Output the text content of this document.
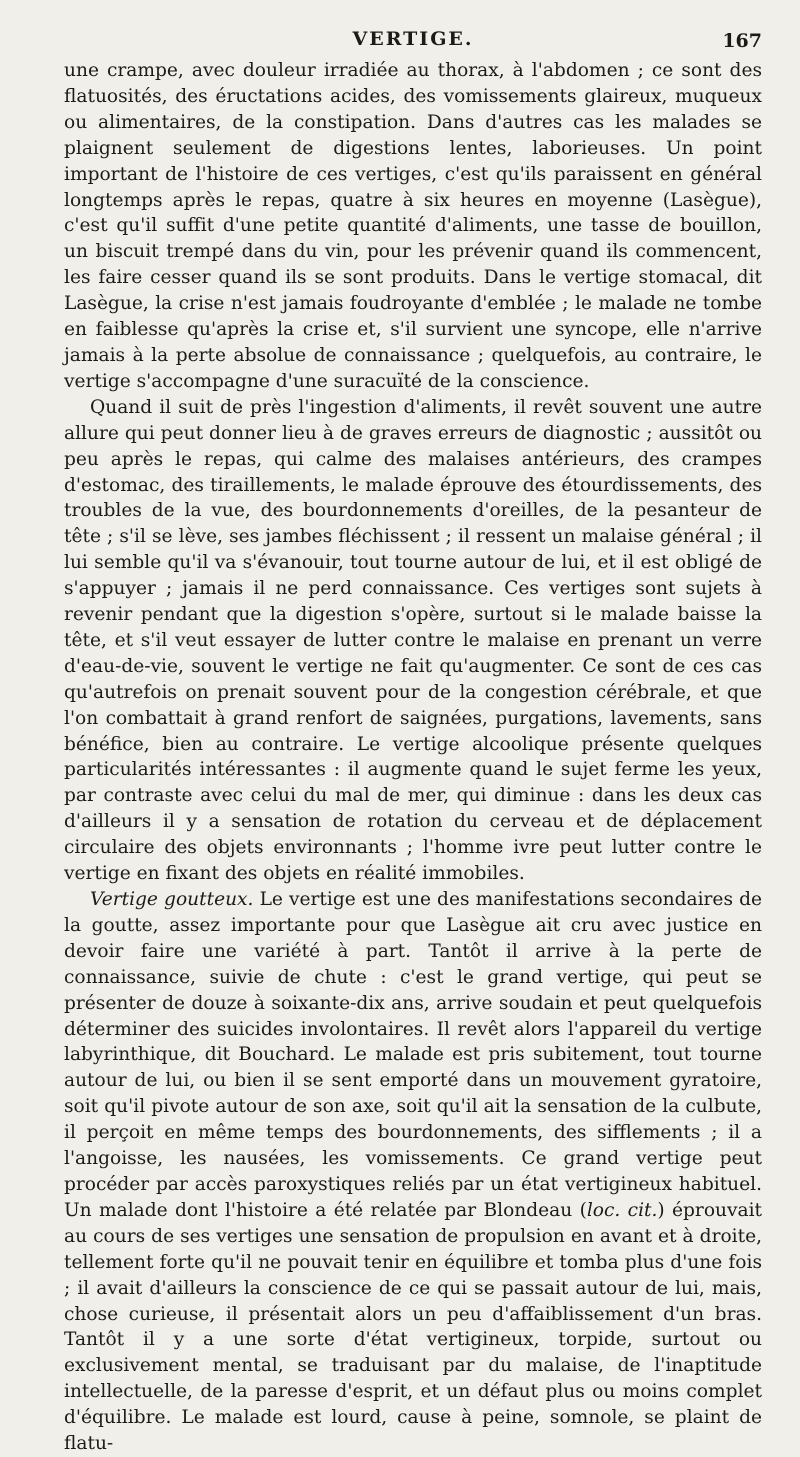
VERTIGE.	167

une crampe, avec douleur irradiée au thorax, à l'abdomen ; ce sont des flatuosités, des éructations acides, des vomissements glaireux, muqueux ou alimentaires, de la constipation. Dans d'autres cas les malades se plaignent seulement de digestions lentes, laborieuses. Un point important de l'histoire de ces vertiges, c'est qu'ils paraissent en général longtemps après le repas, quatre à six heures en moyenne (Lasègue), c'est qu'il suffit d'une petite quantité d'aliments, une tasse de bouillon, un biscuit trempé dans du vin, pour les prévenir quand ils commencent, les faire cesser quand ils se sont produits. Dans le vertige stomacal, dit Lasègue, la crise n'est jamais foudroyante d'emblée ; le malade ne tombe en faiblesse qu'après la crise et, s'il survient une syncope, elle n'arrive jamais à la perte absolue de connaissance ; quelquefois, au contraire, le vertige s'accompagne d'une suracuïté de la conscience.

Quand il suit de près l'ingestion d'aliments, il revêt souvent une autre allure qui peut donner lieu à de graves erreurs de diagnostic ; aussitôt ou peu après le repas, qui calme des malaises antérieurs, des crampes d'estomac, des tiraillements, le malade éprouve des étourdissements, des troubles de la vue, des bourdonnements d'oreilles, de la pesanteur de tête ; s'il se lève, ses jambes fléchissent ; il ressent un malaise général ; il lui semble qu'il va s'évanouir, tout tourne autour de lui, et il est obligé de s'appuyer ; jamais il ne perd connaissance. Ces vertiges sont sujets à revenir pendant que la digestion s'opère, surtout si le malade baisse la tête, et s'il veut essayer de lutter contre le malaise en prenant un verre d'eau-de-vie, souvent le vertige ne fait qu'augmenter. Ce sont de ces cas qu'autrefois on prenait souvent pour de la congestion cérébrale, et que l'on combattait à grand renfort de saignées, purgations, lavements, sans bénéfice, bien au contraire. Le vertige alcoolique présente quelques particularités intéressantes : il augmente quand le sujet ferme les yeux, par contraste avec celui du mal de mer, qui diminue : dans les deux cas d'ailleurs il y a sensation de rotation du cerveau et de déplacement circulaire des objets environnants ; l'homme ivre peut lutter contre le vertige en fixant des objets en réalité immobiles.

Vertige goutteux. Le vertige est une des manifestations secondaires de la goutte, assez importante pour que Lasègue ait cru avec justice en devoir faire une variété à part. Tantôt il arrive à la perte de connaissance, suivie de chute : c'est le grand vertige, qui peut se présenter de douze à soixante-dix ans, arrive soudain et peut quelquefois déterminer des suicides involontaires. Il revêt alors l'appareil du vertige labyrinthique, dit Bouchard. Le malade est pris subitement, tout tourne autour de lui, ou bien il se sent emporté dans un mouvement gyratoire, soit qu'il pivote autour de son axe, soit qu'il ait la sensation de la culbute, il perçoit en même temps des bourdonnements, des sifflements ; il a l'angoisse, les nausées, les vomissements. Ce grand vertige peut procéder par accès paroxystiques reliés par un état vertigineux habituel. Un malade dont l'histoire a été relatée par Blondeau (loc. cit.) éprouvait au cours de ses vertiges une sensation de propulsion en avant et à droite, tellement forte qu'il ne pouvait tenir en équilibre et tomba plus d'une fois ; il avait d'ailleurs la conscience de ce qui se passait autour de lui, mais, chose curieuse, il présentait alors un peu d'affaiblissement d'un bras. Tantôt il y a une sorte d'état vertigineux, torpide, surtout ou exclusivement mental, se traduisant par du malaise, de l'inaptitude intellectuelle, de la paresse d'esprit, et un défaut plus ou moins complet d'équilibre. Le malade est lourd, cause à peine, somnole, se plaint de flatu-
